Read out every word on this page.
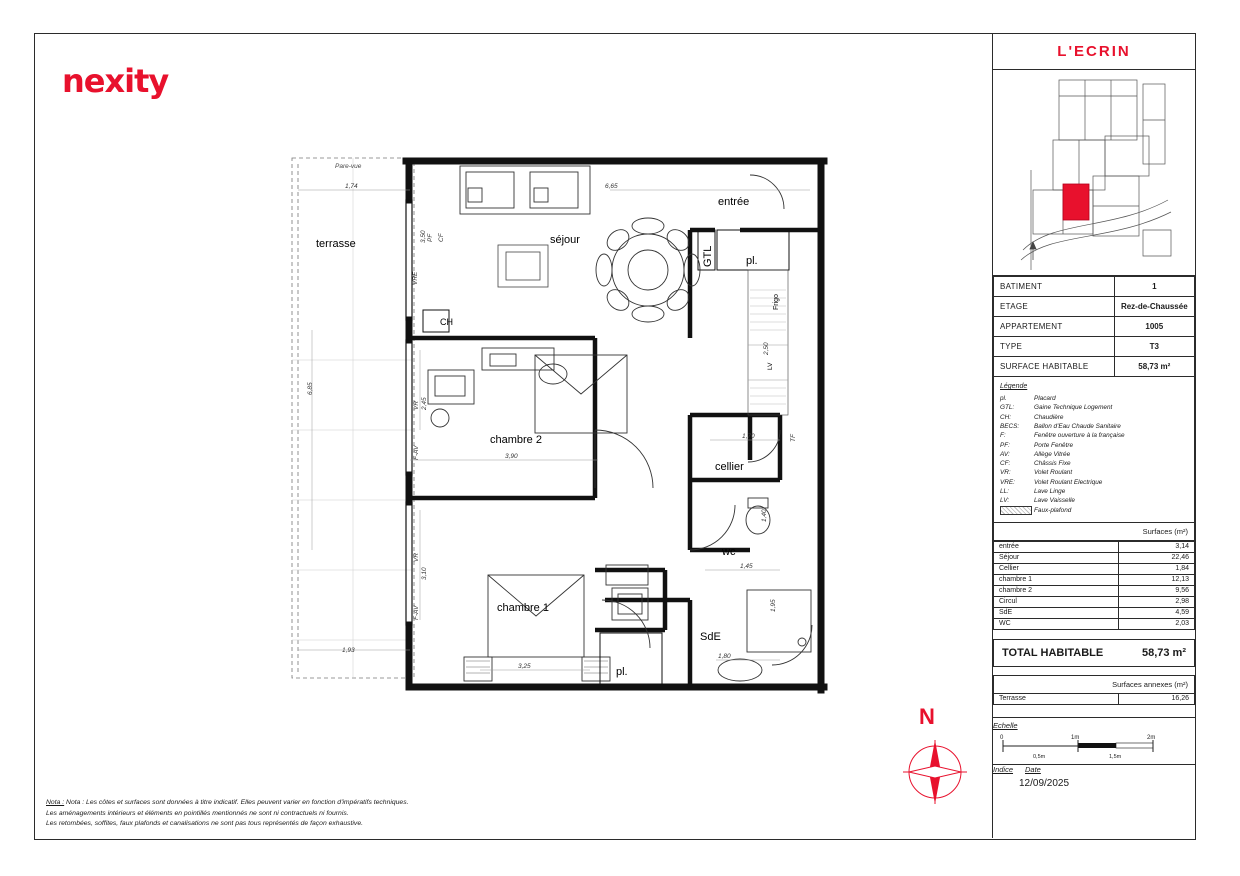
nexity
terrasse	séjour
entrée
pl.
chambre 2
cellier
wc
chambre 1
SdE
pl.
GTL
CH
Frigo
LV
Pare-vue
1,74	6,65
3,50
2,50
6,85
2,45
3,90
1,70
1,40
1,45
3,10
1,93
3,25
1,80
1,95
PF CF
VRE
VR
F-AV
VR
F-AV
TF
Nota : Nota : Les côtes et surfaces sont données à titre indicatif. Elles peuvent varier en fonction d'impératifs techniques.
Les aménagements intérieurs et éléments en pointillés mentionnés ne sont ni contractuels ni fournis.
Les retombées, soffites, faux plafonds et canalisations ne sont pas tous représentés de façon exhaustive.
N
L'ECRIN
BATIMENT	1
ETAGE	Rez-de-Chaussée
APPARTEMENT	1005
TYPE	T3
SURFACE HABITABLE	58,73 m²
Légende
pl.	Placard
GTL:	Gaine Technique Logement
CH:	Chaudière
BECS:	Ballon d'Eau Chaude Sanitaire
F:	Fenêtre ouverture à la française
PF:	Porte Fenêtre
AV:	Allège Vitrée
CF:	Châssis Fixe
VR:	Volet Roulant
VRE:	Volet Roulant Electrique
LL:	Lave Linge
LV:	Lave Vaisselle
Faux-plafond
Surfaces (m²)
entrée	3,14
Séjour	22,46
Cellier	1,84
chambre 1	12,13
chambre 2	9,56
Circul	2,98
SdE	4,59
WC	2,03
TOTAL HABITABLE	58,73 m²
Surfaces annexes (m²)
Terrasse	16,26
Echelle
0	1m	2m
0,5m	1,5m
Indice	Date
12/09/2025
